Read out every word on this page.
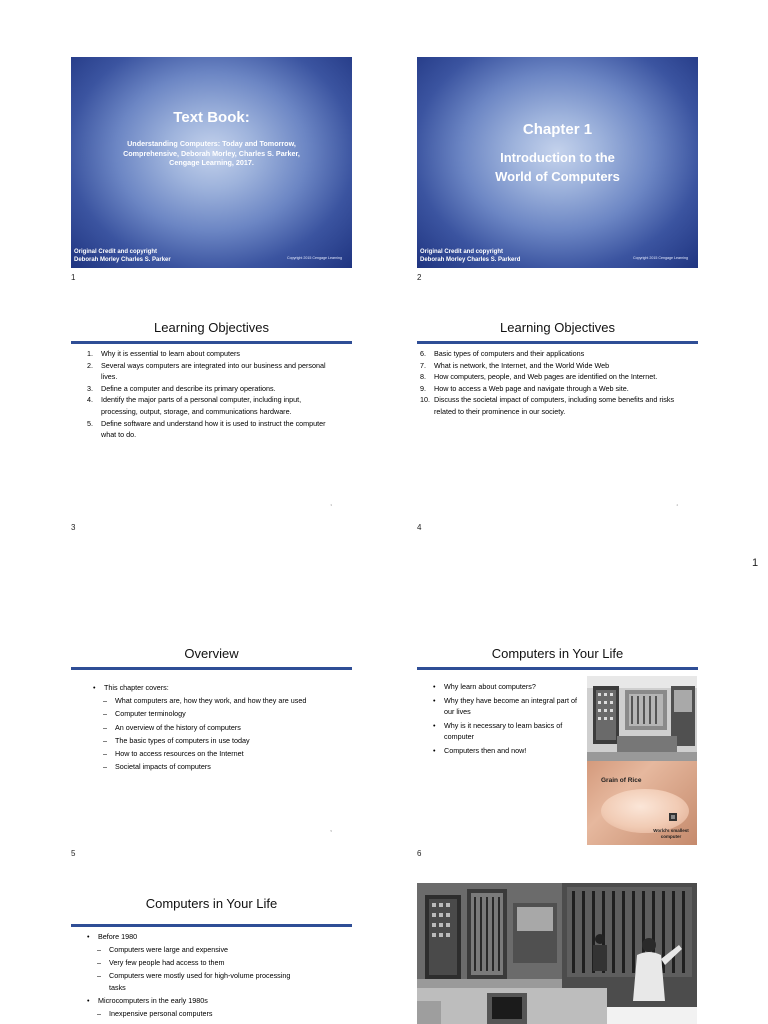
Text Book:
Understanding Computers: Today and Tomorrow, Comprehensive, Deborah Morley, Charles S. Parker, Cengage Learning, 2017.
Original Credit and copyright
Deborah Morley Charles S. Parker	Copyright 2015 Cengage Learning
1
Chapter 1
Introduction to the
World of Computers
Original Credit and copyright
Deborah Morley Charles S. Parkerd	Copyright 2015 Cengage Learning
2
Learning Objectives
1. Why it is essential to learn about computers
2. Several ways computers are integrated into our business and personal lives.
3. Define a computer and describe its primary operations.
4. Identify the major parts of a personal computer, including input, processing, output, storage, and communications hardware.
5. Define software and understand how it is used to instruct the computer what to do.
3
3
Learning Objectives
6. Basic types of computers and their applications
7. What is network, the Internet, and the World Wide Web
8. How computers, people, and Web pages are identified on the Internet.
9. How to access a Web page and navigate through a Web site.
10. Discuss the societal impact of computers, including some benefits and risks related to their prominence in our society.
4
4
1
Overview
• This chapter covers:
– What computers are, how they work, and how they are used
– Computer terminology
– An overview of the history of computers
– The basic types of computers in use today
– How to access resources on the Internet
– Societal impacts of computers
5
5
Computers in Your Life
• Why learn about computers?
• Why they have become an integral part of our lives
• Why is it necessary to learn basics of computer
• Computers then and now!
Grain of Rice
World's smallest computer
6
Computers in Your Life
• Before 1980
– Computers were large and expensive
– Very few people had access to them
– Computers were mostly used for high-volume processing tasks
• Microcomputers in the early 1980s
– Inexpensive personal computers
